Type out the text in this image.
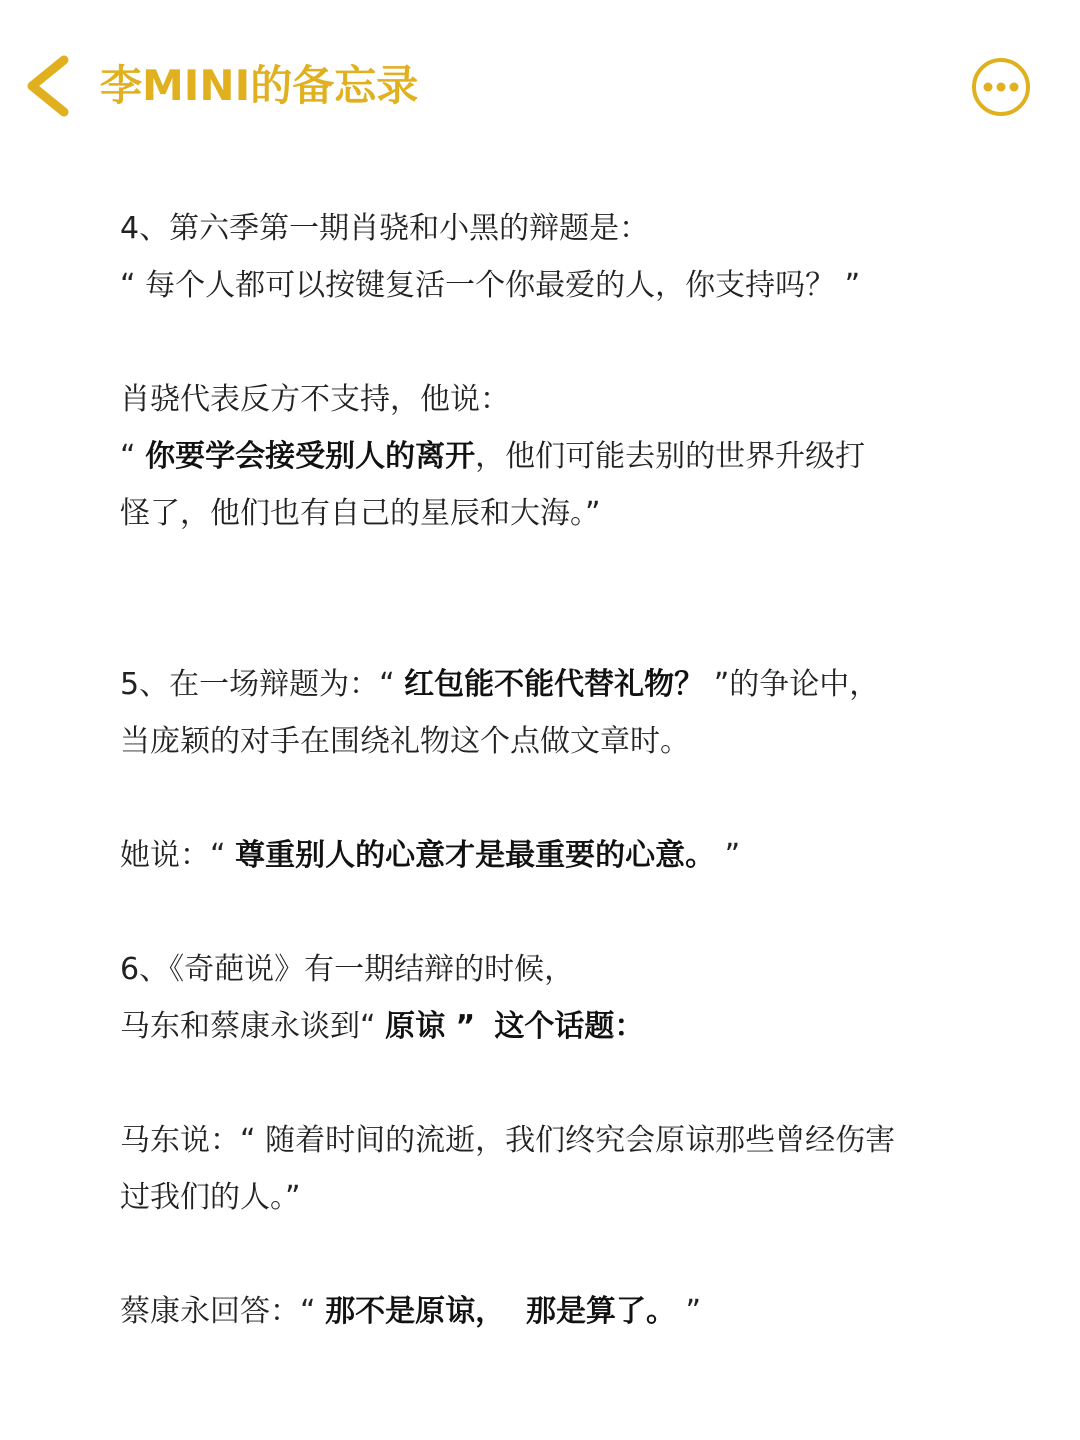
李MINI的备忘录

4、第六季第一期肖骁和小黑的辩题是：

“ 每个人都可以按键复活一个你最爱的人，你支持吗？ ”

肖骁代表反方不支持，他说：

“ 你要学会接受别人的离开，他们可能去别的世界升级打

怪了，他们也有自己的星辰和大海。”

5、在一场辩题为：“ 红包能不能代替礼物？ ”的争论中，

当庞颖的对手在围绕礼物这个点做文章时。

她说：“ 尊重别人的心意才是最重要的心意。 ”

6、《奇葩说》有一期结辩的时候，

马东和蔡康永谈到“ 原谅 ” 这个话题：

马东说：“ 随着时间的流逝，我们终究会原谅那些曾经伤害

过我们的人。”

蔡康永回答：“ 那不是原谅，  那是算了。 ”
